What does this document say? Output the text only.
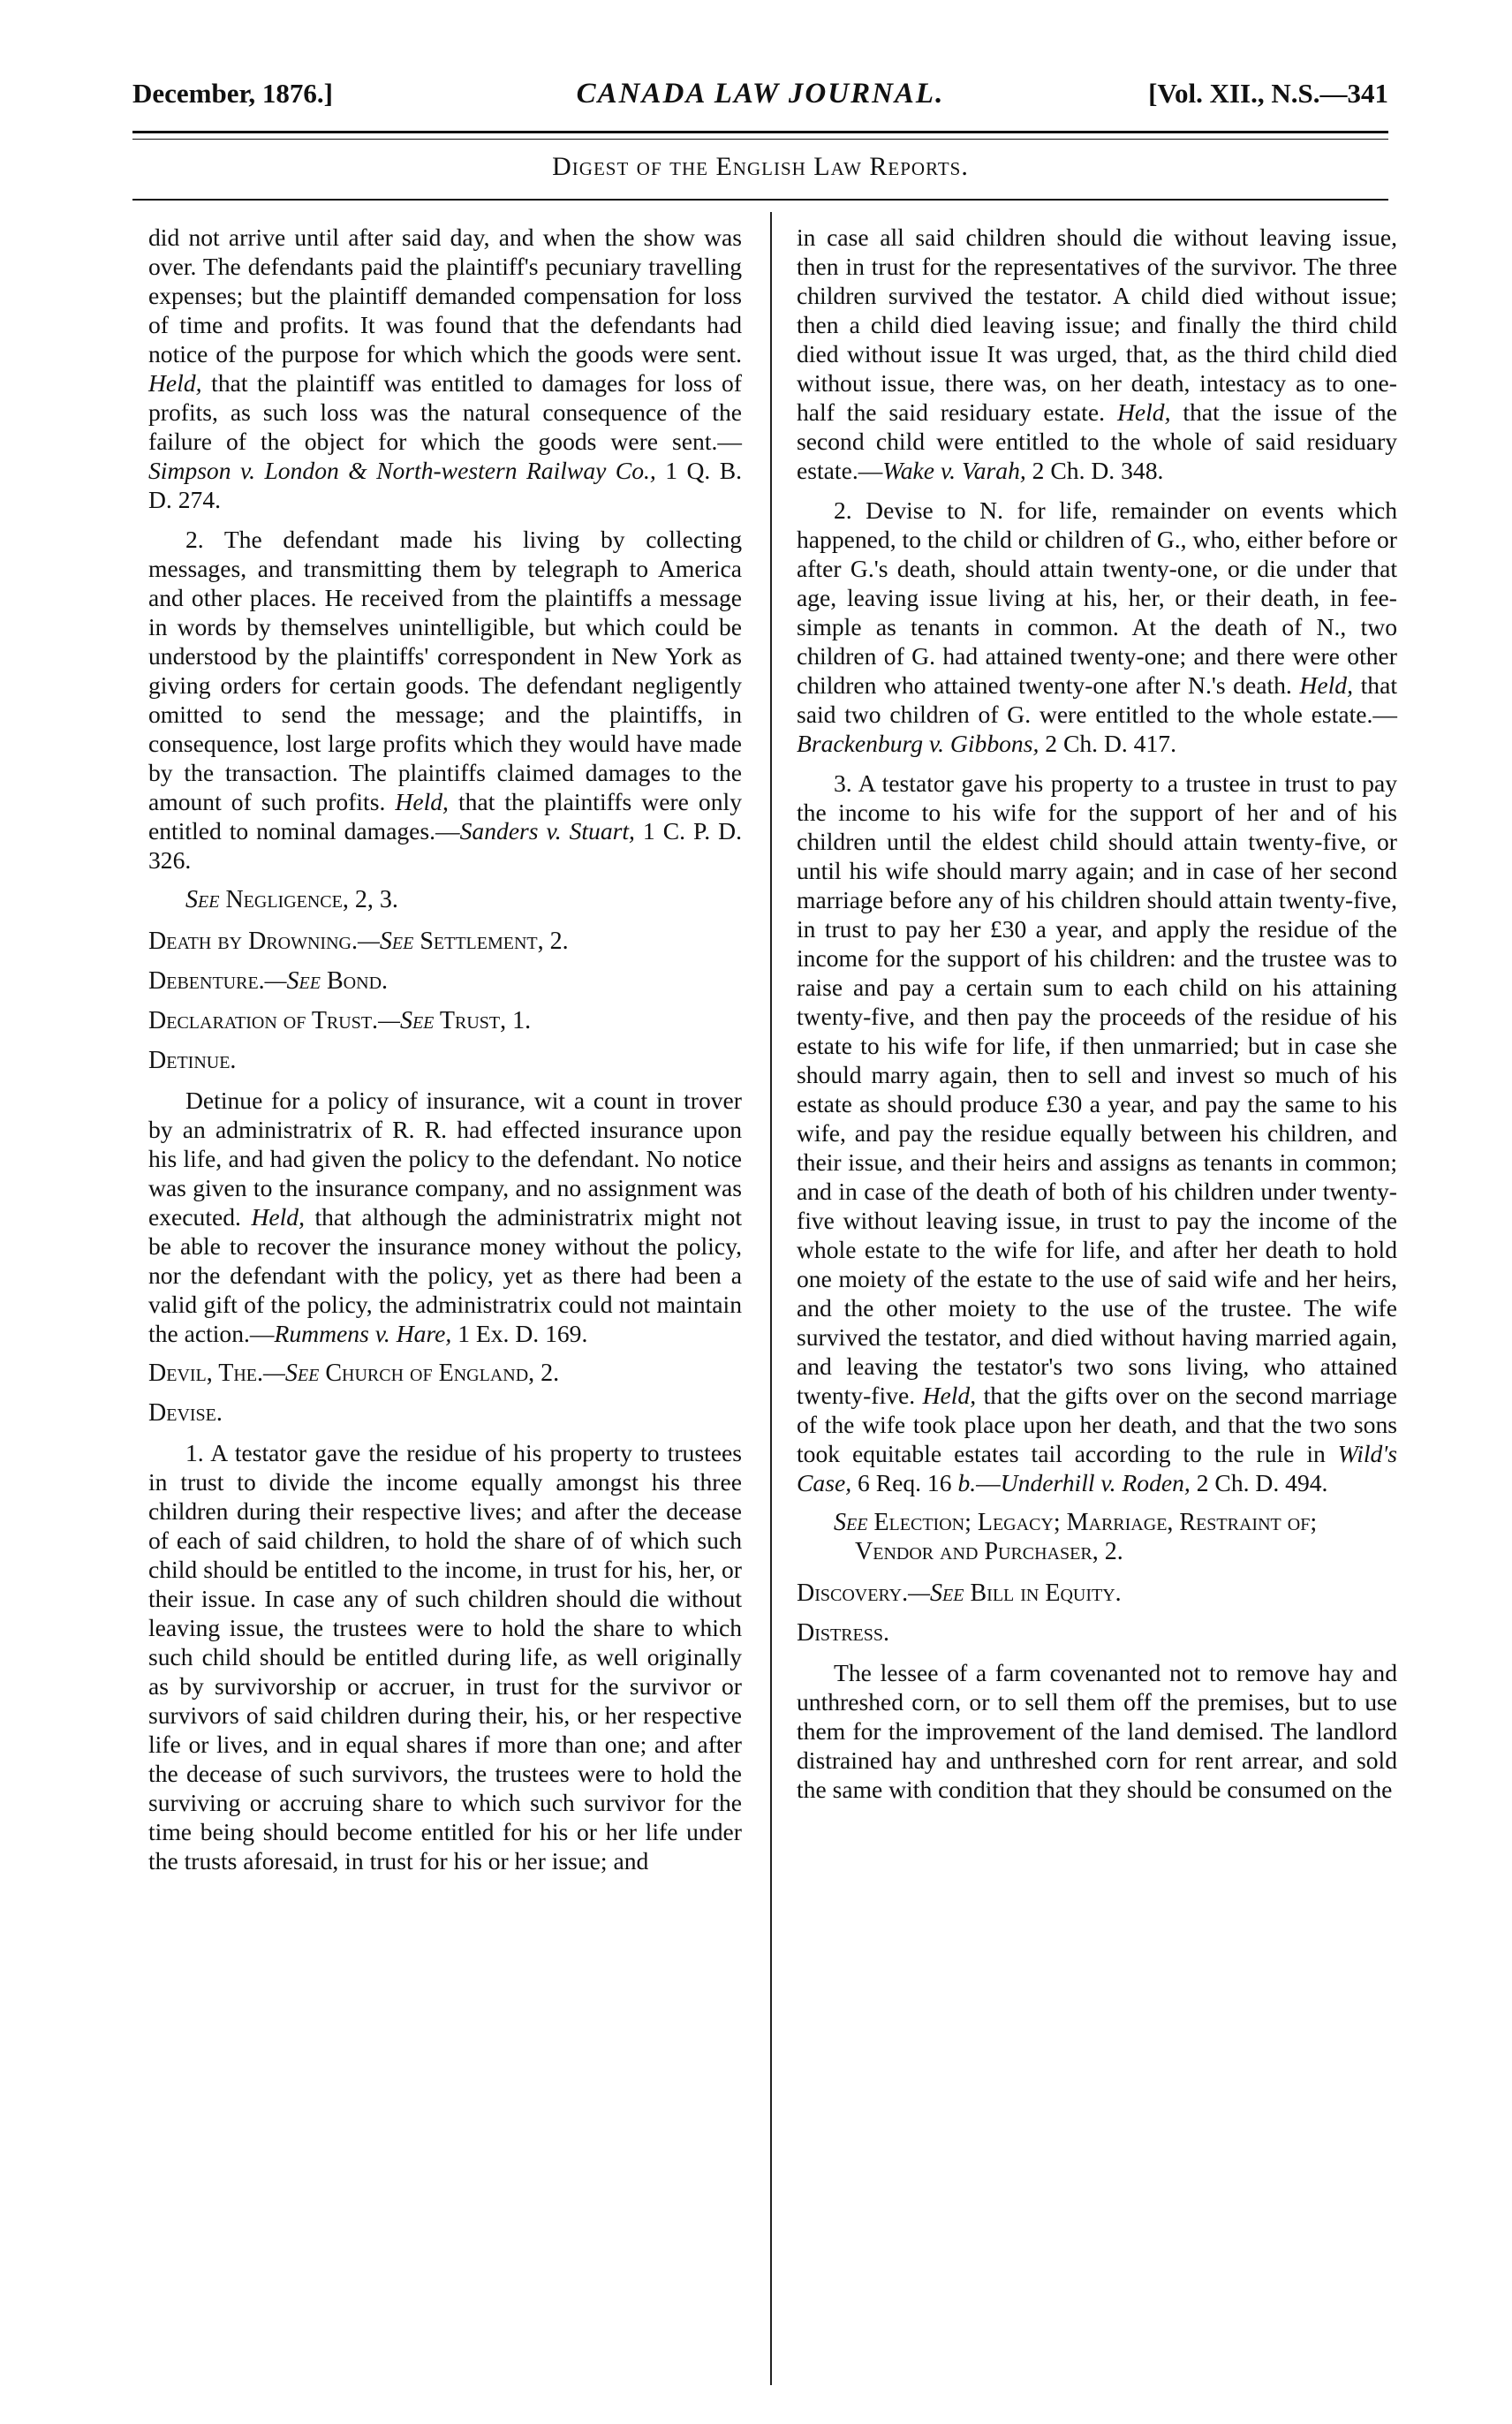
December, 1876.]	CANADA LAW JOURNAL.	[Vol. XII., N.S.—341
Digest of the English Law Reports.

did not arrive until after said day, and when the show was over. The defendants paid the plaintiff's pecuniary travelling expenses; but the plaintiff demanded compensation for loss of time and profits. It was found that the defendants had notice of the purpose for which which the goods were sent. Held, that the plaintiff was entitled to damages for loss of profits, as such loss was the natural consequence of the failure of the object for which the goods were sent.—Simpson v. London & North-western Railway Co., 1 Q. B. D. 274.

2. The defendant made his living by collecting messages, and transmitting them by telegraph to America and other places. He received from the plaintiffs a message in words by themselves unintelligible, but which could be understood by the plaintiffs' correspondent in New York as giving orders for certain goods. The defendant negligently omitted to send the message; and the plaintiffs, in consequence, lost large profits which they would have made by the transaction. The plaintiffs claimed damages to the amount of such profits. Held, that the plaintiffs were only entitled to nominal damages.—Sanders v. Stuart, 1 C. P. D. 326.

See Negligence, 2, 3.
Death by Drowning.—See Settlement, 2.
Debenture.—See Bond.
Declaration of Trust.—See Trust, 1.
Detinue.

Detinue for a policy of insurance, wit a count in trover by an administratrix of R. R. had effected insurance upon his life, and had given the policy to the defendant. No notice was given to the insurance company, and no assignment was executed. Held, that although the administratrix might not be able to recover the insurance money without the policy, nor the defendant with the policy, yet as there had been a valid gift of the policy, the administratrix could not maintain the action.—Rummens v. Hare, 1 Ex. D. 169.

Devil, The.—See Church of England, 2.
Devise.

1. A testator gave the residue of his property to trustees in trust to divide the income equally amongst his three children during their respective lives; and after the decease of each of said children, to hold the share of of which such child should be entitled to the income, in trust for his, her, or their issue. In case any of such children should die without leaving issue, the trustees were to hold the share to which such child should be entitled during life, as well originally as by survivorship or accruer, in trust for the survivor or survivors of said children during their, his, or her respective life or lives, and in equal shares if more than one; and after the decease of such survivors, the trustees were to hold the surviving or accruing share to which such survivor for the time being should become entitled for his or her life under the trusts aforesaid, in trust for his or her issue; and

in case all said children should die without leaving issue, then in trust for the representatives of the survivor. The three children survived the testator. A child died without issue; then a child died leaving issue; and finally the third child died without issue It was urged, that, as the third child died without issue, there was, on her death, intestacy as to one-half the said residuary estate. Held, that the issue of the second child were entitled to the whole of said residuary estate.—Wake v. Varah, 2 Ch. D. 348.

2. Devise to N. for life, remainder on events which happened, to the child or children of G., who, either before or after G.'s death, should attain twenty-one, or die under that age, leaving issue living at his, her, or their death, in fee-simple as tenants in common. At the death of N., two children of G. had attained twenty-one; and there were other children who attained twenty-one after N.'s death. Held, that said two children of G. were entitled to the whole estate.—Brackenburg v. Gibbons, 2 Ch. D. 417.

3. A testator gave his property to a trustee in trust to pay the income to his wife for the support of her and of his children until the eldest child should attain twenty-five, or until his wife should marry again; and in case of her second marriage before any of his children should attain twenty-five, in trust to pay her £30 a year, and apply the residue of the income for the support of his children: and the trustee was to raise and pay a certain sum to each child on his attaining twenty-five, and then pay the proceeds of the residue of his estate to his wife for life, if then unmarried; but in case she should marry again, then to sell and invest so much of his estate as should produce £30 a year, and pay the same to his wife, and pay the residue equally between his children, and their issue, and their heirs and assigns as tenants in common; and in case of the death of both of his children under twenty-five without leaving issue, in trust to pay the income of the whole estate to the wife for life, and after her death to hold one moiety of the estate to the use of said wife and her heirs, and the other moiety to the use of the trustee. The wife survived the testator, and died without having married again, and leaving the testator's two sons living, who attained twenty-five. Held, that the gifts over on the second marriage of the wife took place upon her death, and that the two sons took equitable estates tail according to the rule in Wild's Case, 6 Req. 16 b.—Underhill v. Roden, 2 Ch. D. 494.

See Election; Legacy; Marriage, Restraint of; Vendor and Purchaser, 2.
Discovery.—See Bill in Equity.
Distress.

The lessee of a farm covenanted not to remove hay and unthreshed corn, or to sell them off the premises, but to use them for the improvement of the land demised. The landlord distrained hay and unthreshed corn for rent arrear, and sold the same with condition that they should be consumed on the
